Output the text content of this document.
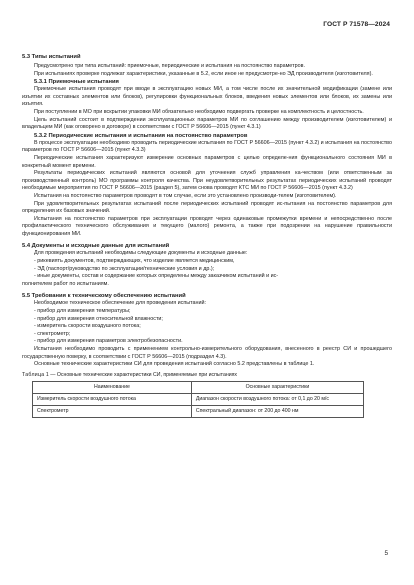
ГОСТ Р 71578—2024

5.3 Типы испытаний

Предусмотрено три типа испытаний: приемочные, периодические и испытания на постоянство параметров.

При испытаниях проверке подлежат характеристики, указанные в 5.2, если иное не предусмотре-но ЭД производителя (изготовителя).

5.3.1 Приемочные испытания

Приемочные испытания проводят при вводе в эксплуатацию новых МИ, а том числе после их значительной модификации (замене или изъятии их составных элементов или блоков), регулировки функциональных блоков, введения новых элементов или блоков, их замены или изъятия.

При поступлении в МО при вскрытии упаковки МИ обязательно необходимо подвергать проверке на комплектность и целостность.

Цель испытаний состоит в подтверждении эксплуатационных параметров МИ по соглашению между производителем (изготовителем) и владельцем МИ (как оговорено в договоре) в соответствии с ГОСТ Р 56606—2015 (пункт 4.3.1)

5.3.2 Периодические испытания и испытания на постоянство параметров

В процессе эксплуатации необходимо проводить периодические испытания по ГОСТ Р 56606—2015 (пункт 4.3.2) и испытания на постоянство параметров по ГОСТ Р 56606—2015 (пункт 4.3.3)

Периодические испытания характеризуют измерение основных параметров с целью определе-ния функционального состояния МИ в конкретный момент времени.

Результаты периодических испытаний являются основой для уточнения служб управления ка-чеством (или ответственным за производственный контроль) МО программы контроля качества. При неудовлетворительных результатах периодических испытаний проводят необходимые мероприятия по ГОСТ Р 56606—2015 (раздел 5), затем снова проводят КТС МИ по ГОСТ Р 56606—2015 (пункт 4.3.2)

Испытания на постоянство параметров проводят в том случае, если это установлено производи-телем (изготовителем).

При удовлетворительных результатах испытаний после периодических испытаний проводят ис-пытания на постоянство параметров для определения их базовых значений.

Испытания на постоянство параметров при эксплуатации проводят через одинаковые промежутки времени и непосредственно после профилактического технического обслуживания и текущего (малого) ремонта, а также при подозрении на нарушение правильности функционирования МИ.

5.4 Документы и исходные данные для испытаний

Для проведения испытаний необходимы следующие документы и исходные данные:

- рикевиять документов, подтверждающих, что изделие является медицинским,

- ЭД (паспорт/руководство по эксплуатации/технические условия и др.);

- иные документы, состав и содержание которых определены между заказчиком испытаний и ис-

полнителем работ по испытаниям.

5.5 Требования к техническому обеспечению испытаний

Необходимое техническое обеспечение для проведения испытаний:

- прибор для измерения температуры;

- прибор для измерения относительной влажности;

- измеритель скорости воздушного потока;

- спектрометр;

- прибор для измерения параметров электробезопасности.

Испытания необходимо проводить с применением контрольно-измерительного оборудования, внесенного в реестр СИ и прошедшего государственную поверку, в соответствии с ГОСТ Р 56606—2015 (подраздел 4.3).

Основные технические характеристики СИ для проведения испытаний согласно 5.2 представлены в таблице 1.

Таблица 1 — Основные технические характеристики СИ, применяемые при испытаниях

Наименование	Основные характеристики
Измеритель скорости воздушного потока	Диапазон скорости воздушного потока: от 0,1 до 20 м/с
Спектрометр	Спектральный диапазон: от 200 до 400 нм
5
